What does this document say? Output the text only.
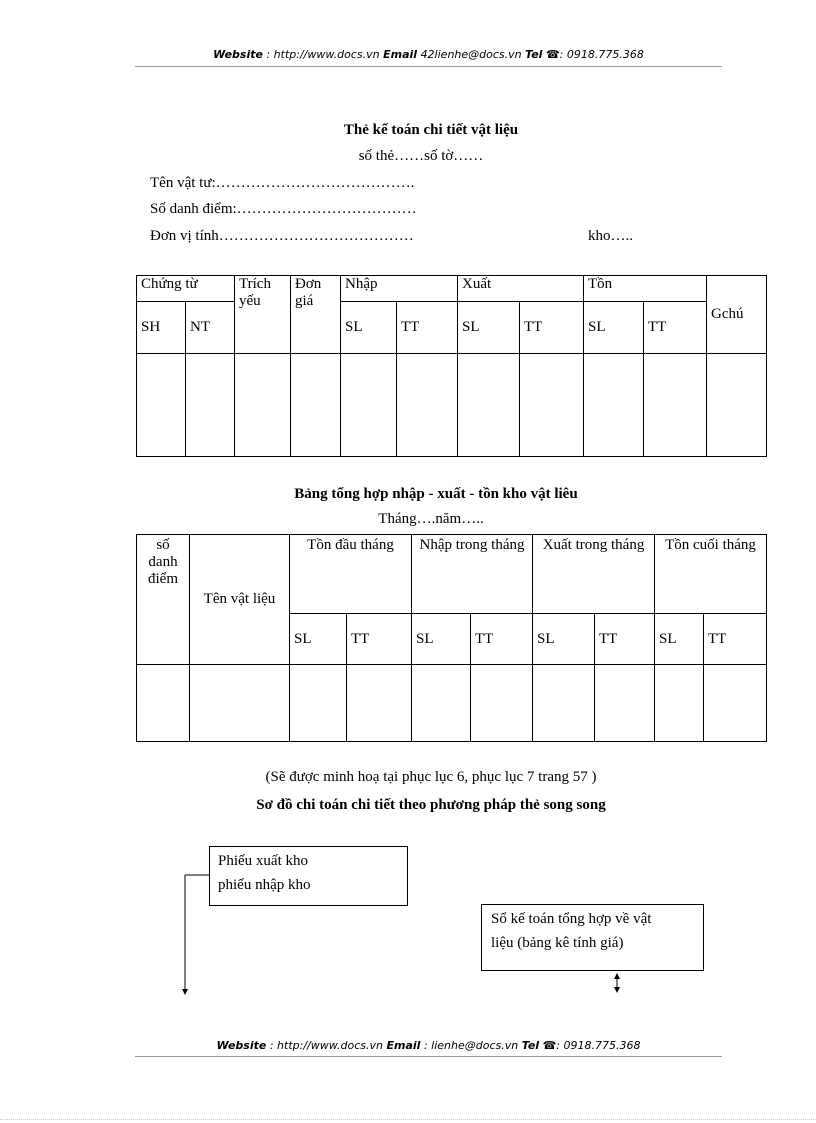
Website : http://www.docs.vn Email 42lienhe@docs.vn Tel ☎: 0918.775.368
Thẻ kế toán chi tiết vật liệu
số thẻ……số tờ……
Tên vật tư:………………………………….
Số danh điểm:………………………………
Đơn vị tính…………………………………	kho…..
Chứng từ		Trích yếu	Đơn giá	Nhập		Xuất		Tồn		Gchú
SH	NT			SL	TT	SL	TT	SL	TT	

Bảng tổng hợp nhập - xuất - tồn kho vật liêu
Tháng….năm…..
số danh điểm	Tên vật liệu	Tồn đầu tháng		Nhập trong tháng		Xuất trong tháng		Tồn cuối tháng	
		SL	TT	SL	TT	SL	TT	SL	TT

(Sẽ được minh hoạ tại phục lục 6, phục lục 7 trang 57 )
Sơ đồ chi toán chi tiết theo phương pháp thẻ song song
Phiếu xuất kho
phiếu nhập kho
Sổ kế toán tổng hợp về vật
liệu (bảng kê tính giá)
Website : http://www.docs.vn Email : lienhe@docs.vn Tel ☎: 0918.775.368
